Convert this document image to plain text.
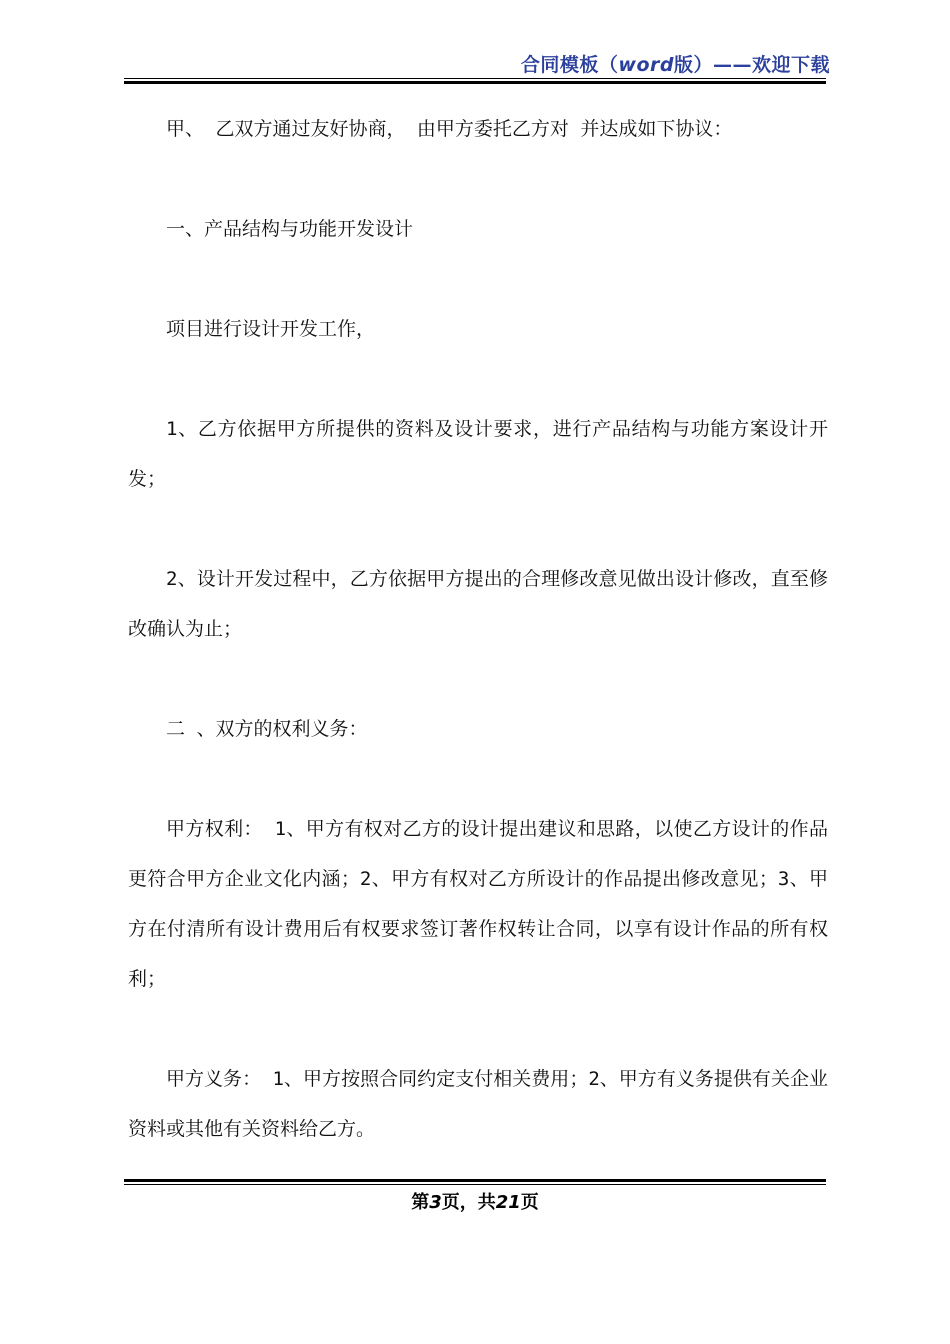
合同模板（word版）——欢迎下载

甲、 乙双方通过友好协商， 由甲方委托乙方对 并达成如下协议：

一、产品结构与功能开发设计

项目进行设计开发工作，

1、乙方依据甲方所提供的资料及设计要求，进行产品结构与功能方案设计开发；

2、设计开发过程中，乙方依据甲方提出的合理修改意见做出设计修改，直至修改确认为止；

二 、双方的权利义务：

甲方权利： 1、甲方有权对乙方的设计提出建议和思路，以使乙方设计的作品更符合甲方企业文化内涵；2、甲方有权对乙方所设计的作品提出修改意见；3、甲方在付清所有设计费用后有权要求签订著作权转让合同，以享有设计作品的所有权利；

甲方义务： 1、甲方按照合同约定支付相关费用；2、甲方有义务提供有关企业资料或其他有关资料给乙方。

第3页，共21页
